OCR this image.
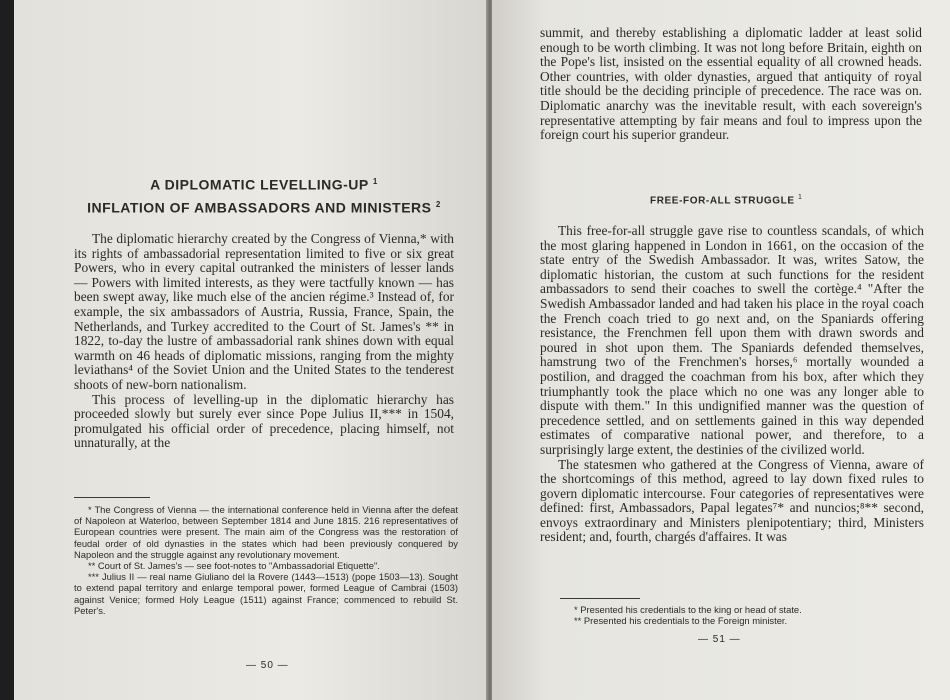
A DIPLOMATIC LEVELLING-UP $^1$
INFLATION OF AMBASSADORS AND MINISTERS $^2$

The diplomatic hierarchy created by the Congress of Vienna,* with its rights of ambassadorial representation limited to five or six great Powers, who in every capital outranked the ministers of lesser lands — Powers with limited interests, as they were tactfully known — has been swept away, like much else of the ancien régime.³ Instead of, for example, the six ambassadors of Austria, Russia, France, Spain, the Netherlands, and Turkey accredited to the Court of St. James's ** in 1822, to-day the lustre of ambassadorial rank shines down with equal warmth on 46 heads of diplomatic missions, ranging from the mighty leviathans⁴ of the Soviet Union and the United States to the tenderest shoots of new-born nationalism.

This process of levelling-up in the diplomatic hierarchy has proceeded slowly but surely ever since Pope Julius II,*** in 1504, promulgated his official order of precedence, placing himself, not unnaturally, at the

* The Congress of Vienna — the international conference held in Vienna after the defeat of Napoleon at Waterloo, between September 1814 and June 1815. 216 representatives of European countries were present. The main aim of the Congress was the restoration of feudal order of old dynasties in the states which had been previously conquered by Napoleon and the struggle against any revolutionary movement.

** Court of St. James's — see foot-notes to "Ambassadorial Etiquette".

*** Julius II — real name Giuliano del la Rovere (1443—1513) (pope 1503—13). Sought to extend papal territory and enlarge temporal power, formed League of Cambrai (1503) against Venice; formed Holy League (1511) against France; commenced to rebuild St. Peter's.

— 50 —

summit, and thereby establishing a diplomatic ladder at least solid enough to be worth climbing. It was not long before Britain, eighth on the Pope's list, insisted on the essential equality of all crowned heads. Other countries, with older dynasties, argued that antiquity of royal title should be the deciding principle of precedence. The race was on. Diplomatic anarchy was the inevitable result, with each sovereign's representative attempting by fair means and foul to impress upon the foreign court his superior grandeur.

FREE-FOR-ALL STRUGGLE $^1$

This free-for-all struggle gave rise to countless scandals, of which the most glaring happened in London in 1661, on the occasion of the state entry of the Swedish Ambassador. It was, writes Satow, the diplomatic historian, the custom at such functions for the resident ambassadors to send their coaches to swell the cortège.⁴ "After the Swedish Ambassador landed and had taken his place in the royal coach the French coach tried to go next and, on the Spaniards offering resistance, the Frenchmen fell upon them with drawn swords and poured in shot upon them. The Spaniards defended themselves, hamstrung two of the Frenchmen's horses,⁶ mortally wounded a postilion, and dragged the coachman from his box, after which they triumphantly took the place which no one was any longer able to dispute with them." In this undignified manner was the question of precedence settled, and on settlements gained in this way depended estimates of comparative national power, and therefore, to a surprisingly large extent, the destinies of the civilized world.

The statesmen who gathered at the Congress of Vienna, aware of the shortcomings of this method, agreed to lay down fixed rules to govern diplomatic intercourse. Four categories of representatives were defined: first, Ambassadors, Papal legates⁷* and nuncios;⁸** second, envoys extraordinary and Ministers plenipotentiary; third, Ministers resident; and, fourth, chargés d'affaires. It was

* Presented his credentials to the king or head of state.

** Presented his credentials to the Foreign minister.

— 51 —
